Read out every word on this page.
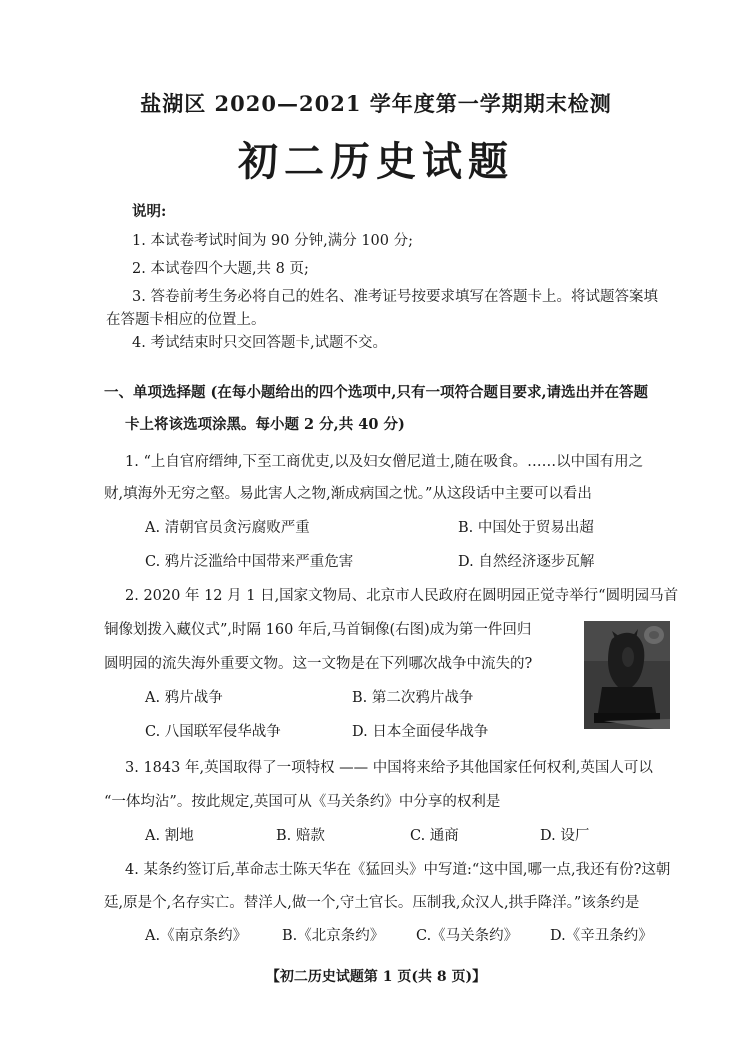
盐湖区 2020—2021 学年度第一学期期末检测
初二历史试题
说明:
1. 本试卷考试时间为 90 分钟,满分 100 分;
2. 本试卷四个大题,共 8 页;
3. 答卷前考生务必将自己的姓名、准考证号按要求填写在答题卡上。将试题答案填
在答题卡相应的位置上。
4. 考试结束时只交回答题卡,试题不交。
一、单项选择题 (在每小题给出的四个选项中,只有一项符合题目要求,请选出并在答题
卡上将该选项涂黑。每小题 2 分,共 40 分)
1. “上自官府缙绅,下至工商优吏,以及妇女僧尼道士,随在吸食。……以中国有用之
财,填海外无穷之壑。易此害人之物,渐成病国之忧。”从这段话中主要可以看出
A. 清朝官员贪污腐败严重	B. 中国处于贸易出超
C. 鸦片泛滥给中国带来严重危害	D. 自然经济逐步瓦解
2. 2020 年 12 月 1 日,国家文物局、北京市人民政府在圆明园正觉寺举行“圆明园马首
铜像划拨入藏仪式”,时隔 160 年后,马首铜像(右图)成为第一件回归
圆明园的流失海外重要文物。这一文物是在下列哪次战争中流失的?
A. 鸦片战争	B. 第二次鸦片战争
C. 八国联军侵华战争	D. 日本全面侵华战争
3. 1843 年,英国取得了一项特权 —— 中国将来给予其他国家任何权利,英国人可以
“一体均沾”。按此规定,英国可从《马关条约》中分享的权利是
A. 割地	B. 赔款	C. 通商	D. 设厂
4. 某条约签订后,革命志士陈天华在《猛回头》中写道:“这中国,哪一点,我还有份?这朝
廷,原是个,名存实亡。替洋人,做一个,守土官长。压制我,众汉人,拱手降洋。”该条约是
A.《南京条约》 B.《北京条约》 C.《马关条约》 D.《辛丑条约》
【初二历史试题第 1 页(共 8 页)】
